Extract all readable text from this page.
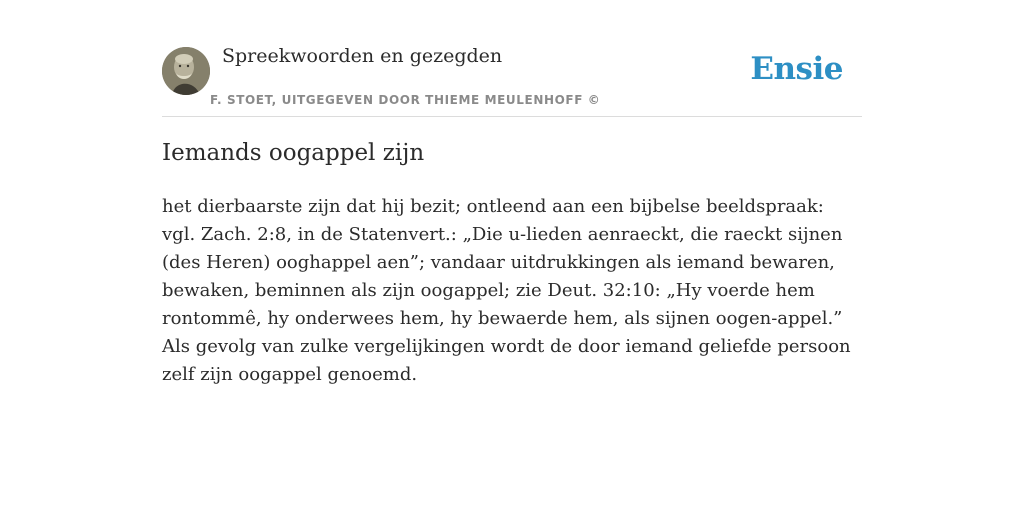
Spreekwoorden en gezegden
F. STOET, UITGEGEVEN DOOR THIEME MEULENHOFF ©
Ensie
Iemands oogappel zijn

het dierbaarste zijn dat hij bezit; ontleend aan een bijbelse beeldspraak: vgl. Zach. 2:8, in de Statenvert.: „Die u-lieden aenraeckt, die raeckt sijnen (des Heren) ooghappel aen”; vandaar uitdrukkingen als iemand bewaren, bewaken, beminnen als zijn oogappel; zie Deut. 32:10: „Hy voerde hem rontommê, hy onderwees hem, hy bewaerde hem, als sijnen oogen-appel.” Als gevolg van zulke vergelijkingen wordt de door iemand geliefde persoon zelf zijn oogappel genoemd.
